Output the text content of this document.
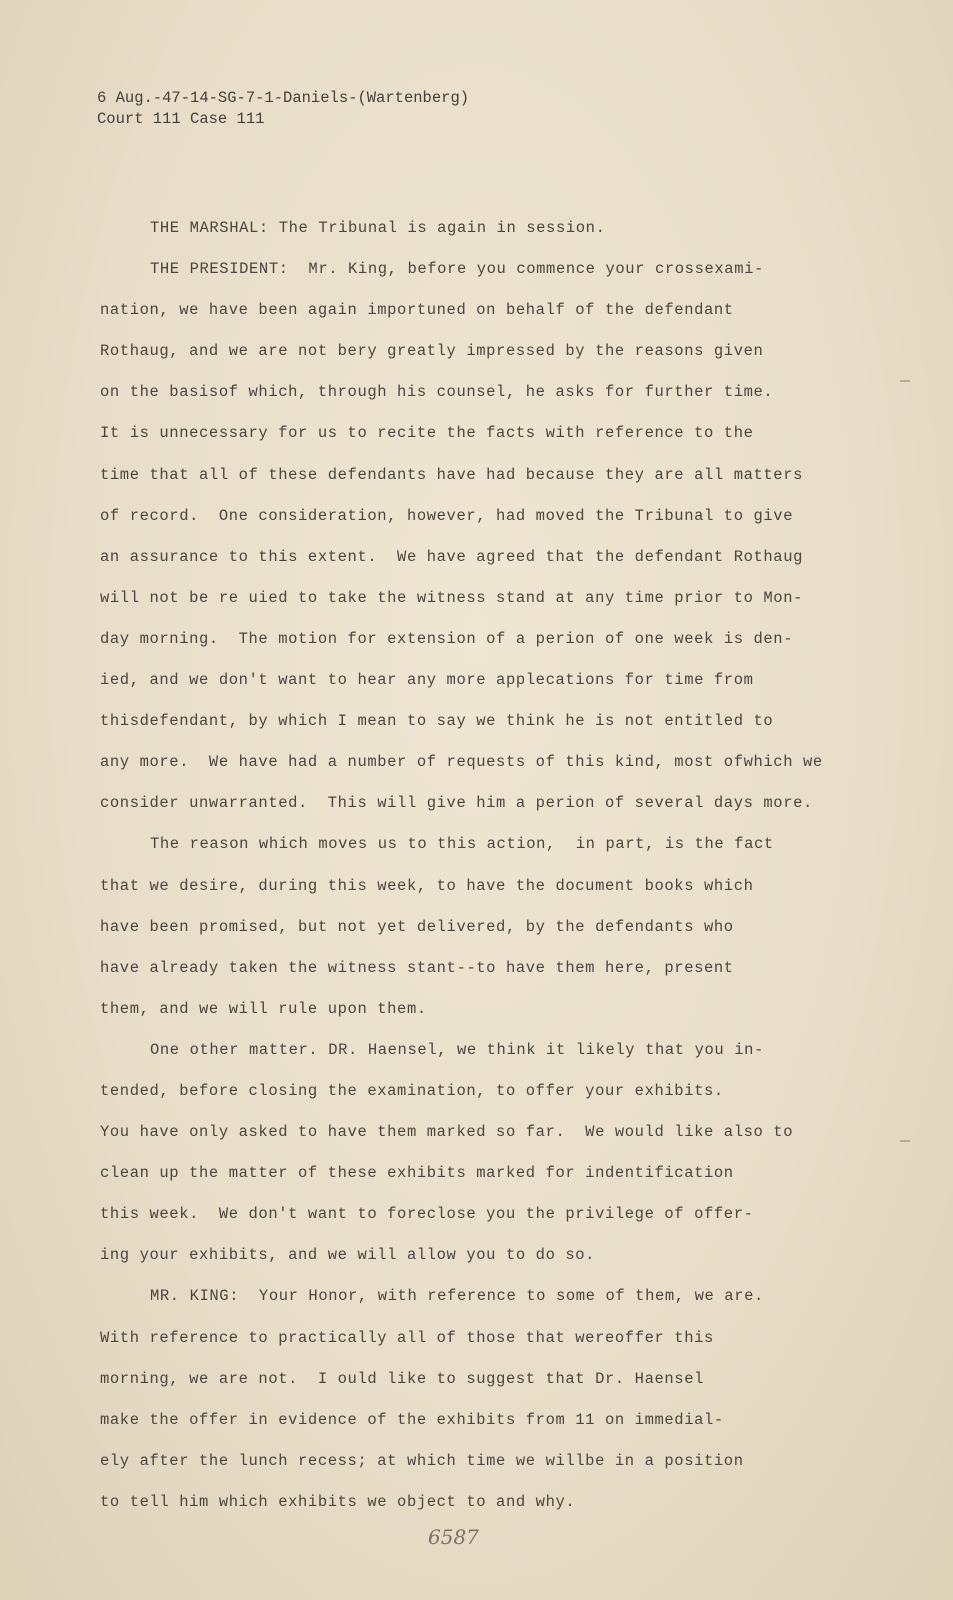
6 Aug.-47-14-SG-7-1-Daniels-(Wartenberg)
Court 111 Case 111
THE MARSHAL: The Tribunal is again in session.
THE PRESIDENT:  Mr. King, before you commence your crossexami-
nation, we have been again importuned on behalf of the defendant
Rothaug, and we are not bery greatly impressed by the reasons given
on the basisof which, through his counsel, he asks for further time.
It is unnecessary for us to recite the facts with reference to the
time that all of these defendants have had because they are all matters
of record.  One consideration, however, had moved the Tribunal to give
an assurance to this extent.  We have agreed that the defendant Rothaug
will not be re uied to take the witness stand at any time prior to Mon-
day morning.  The motion for extension of a perion of one week is den-
ied, and we don't want to hear any more applecations for time from
thisdefendant, by which I mean to say we think he is not entitled to
any more.  We have had a number of requests of this kind, most ofwhich we
consider unwarranted.  This will give him a perion of several days more.
The reason which moves us to this action,  in part, is the fact
that we desire, during this week, to have the document books which
have been promised, but not yet delivered, by the defendants who
have already taken the witness stant--to have them here, present
them, and we will rule upon them.
One other matter. DR. Haensel, we think it likely that you in-
tended, before closing the examination, to offer your exhibits.
You have only asked to have them marked so far.  We would like also to
clean up the matter of these exhibits marked for indentification
this week.  We don't want to foreclose you the privilege of offer-
ing your exhibits, and we will allow you to do so.
MR. KING:  Your Honor, with reference to some of them, we are.
With reference to practically all of those that wereoffer this
morning, we are not.  I ould like to suggest that Dr. Haensel
make the offer in evidence of the exhibits from 11 on immedial-
ely after the lunch recess; at which time we willbe in a position
to tell him which exhibits we object to and why.
6587
